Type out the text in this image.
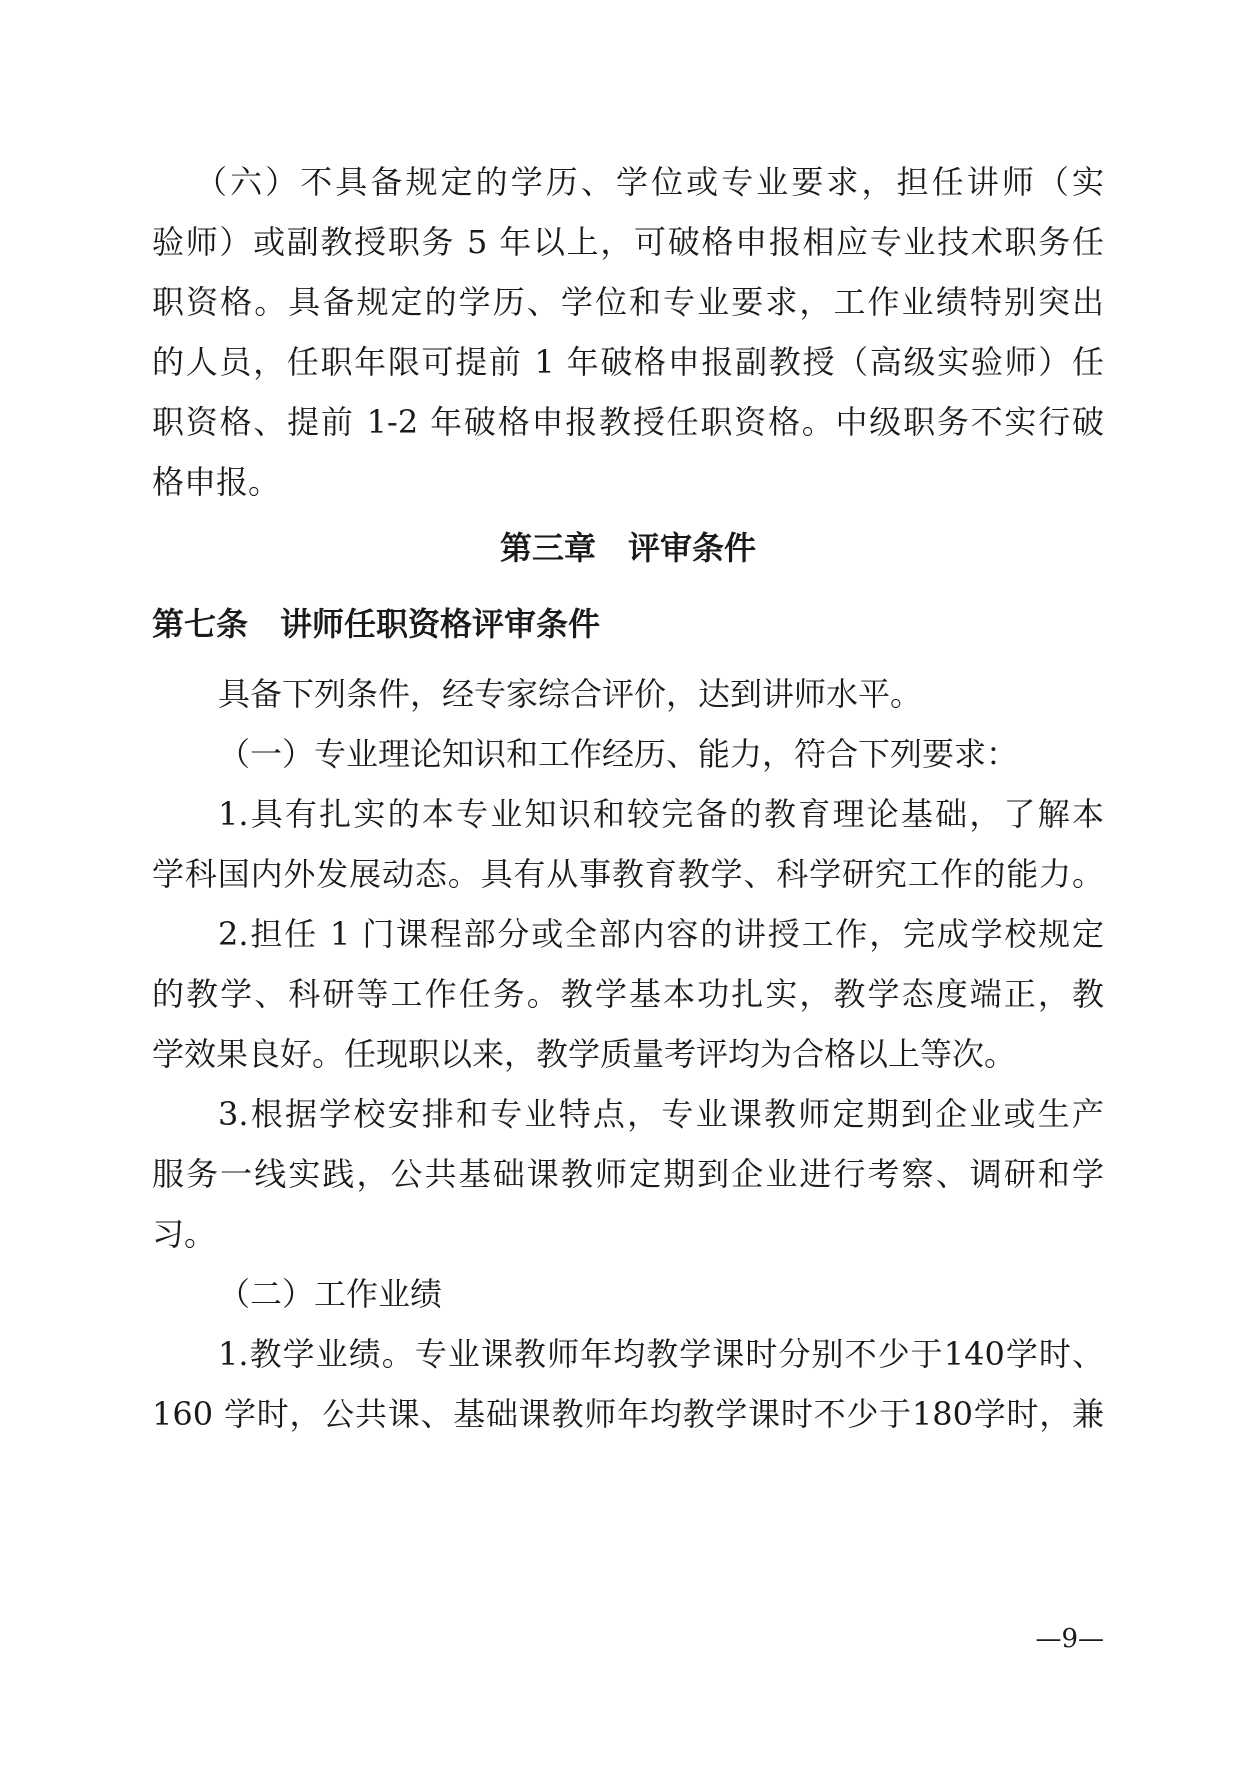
（六）不具备规定的学历、学位或专业要求，担任讲师（实
验师）或副教授职务 5 年以上，可破格申报相应专业技术职务任
职资格。具备规定的学历、学位和专业要求，工作业绩特别突出
的人员，任职年限可提前 1 年破格申报副教授（高级实验师）任
职资格、提前 1-2 年破格申报教授任职资格。中级职务不实行破
格申报。
第三章　评审条件
第七条　讲师任职资格评审条件
具备下列条件，经专家综合评价，达到讲师水平。
（一）专业理论知识和工作经历、能力，符合下列要求：
1.具有扎实的本专业知识和较完备的教育理论基础，了解本
学科国内外发展动态。具有从事教育教学、科学研究工作的能力。
2.担任 1 门课程部分或全部内容的讲授工作，完成学校规定
的教学、科研等工作任务。教学基本功扎实，教学态度端正，教
学效果良好。任现职以来，教学质量考评均为合格以上等次。
3.根据学校安排和专业特点，专业课教师定期到企业或生产
服务一线实践，公共基础课教师定期到企业进行考察、调研和学
习。
（二）工作业绩
1.教学业绩。专业课教师年均教学课时分别不少于140学时、
160 学时，公共课、基础课教师年均教学课时不少于180学时，兼
—9—
